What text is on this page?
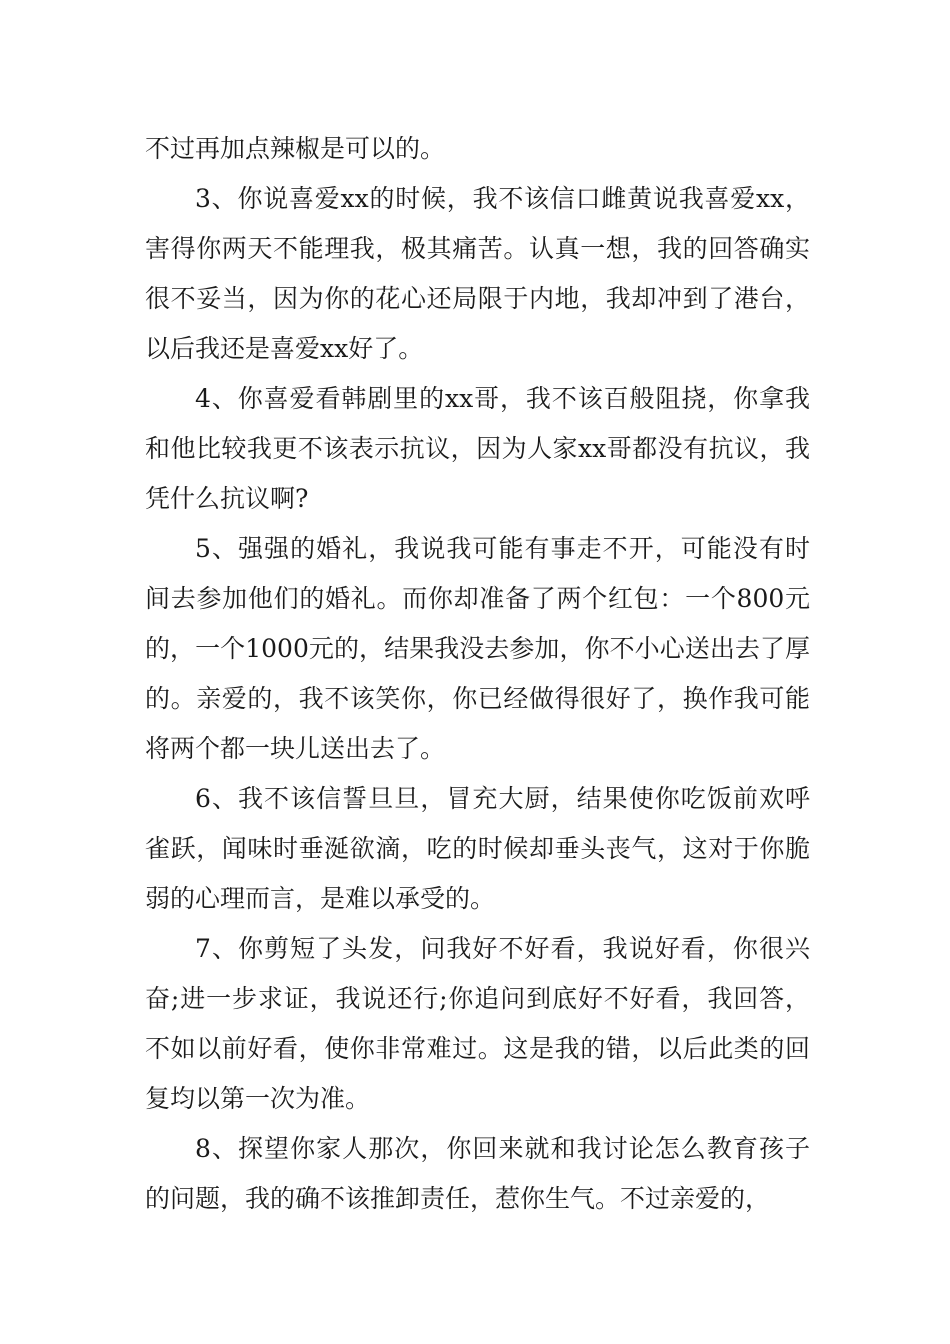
不过再加点辣椒是可以的。

3、你说喜爱xx的时候，我不该信口雌黄说我喜爱xx，害得你两天不能理我，极其痛苦。认真一想，我的回答确实很不妥当，因为你的花心还局限于内地，我却冲到了港台，以后我还是喜爱xx好了。

4、你喜爱看韩剧里的xx哥，我不该百般阻挠，你拿我和他比较我更不该表示抗议，因为人家xx哥都没有抗议，我凭什么抗议啊?

5、强强的婚礼，我说我可能有事走不开，可能没有时间去参加他们的婚礼。而你却准备了两个红包：一个800元的，一个1000元的，结果我没去参加，你不小心送出去了厚的。亲爱的，我不该笑你，你已经做得很好了，换作我可能将两个都一块儿送出去了。

6、我不该信誓旦旦，冒充大厨，结果使你吃饭前欢呼雀跃，闻味时垂涎欲滴，吃的时候却垂头丧气，这对于你脆弱的心理而言，是难以承受的。

7、你剪短了头发，问我好不好看，我说好看，你很兴奋;进一步求证，我说还行;你追问到底好不好看，我回答，不如以前好看，使你非常难过。这是我的错，以后此类的回复均以第一次为准。

8、探望你家人那次，你回来就和我讨论怎么教育孩子的问题，我的确不该推卸责任，惹你生气。不过亲爱的，
